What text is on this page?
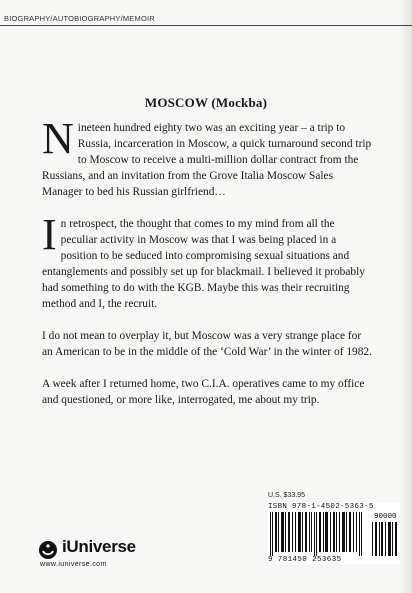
BIOGRAPHY/AUTOBIOGRAPHY/MEMOIR
MOSCOW (Mockba)

Nineteen hundred eighty two was an exciting year – a trip to Russia, incarceration in Moscow, a quick turnaround second trip to Moscow to receive a multi-million dollar contract from the Russians, and an invitation from the Grove Italia Moscow Sales Manager to bed his Russian girlfriend…

In retrospect, the thought that comes to my mind from all the peculiar activity in Moscow was that I was being placed in a position to be seduced into compromising sexual situations and entanglements and possibly set up for blackmail. I believed it probably had something to do with the KGB. Maybe this was their recruiting method and I, the recruit.

I do not mean to overplay it, but Moscow was a very strange place for an American to be in the middle of the ‘Cold War’ in the winter of 1982.

A week after I returned home, two C.I.A. operatives came to my office and questioned, or more like, interrogated, me about my trip.

U.S. $33.95
ISBN 978-1-4502-5363-5
90000
9 781450 253635
iUniverse
www.iuniverse.com
